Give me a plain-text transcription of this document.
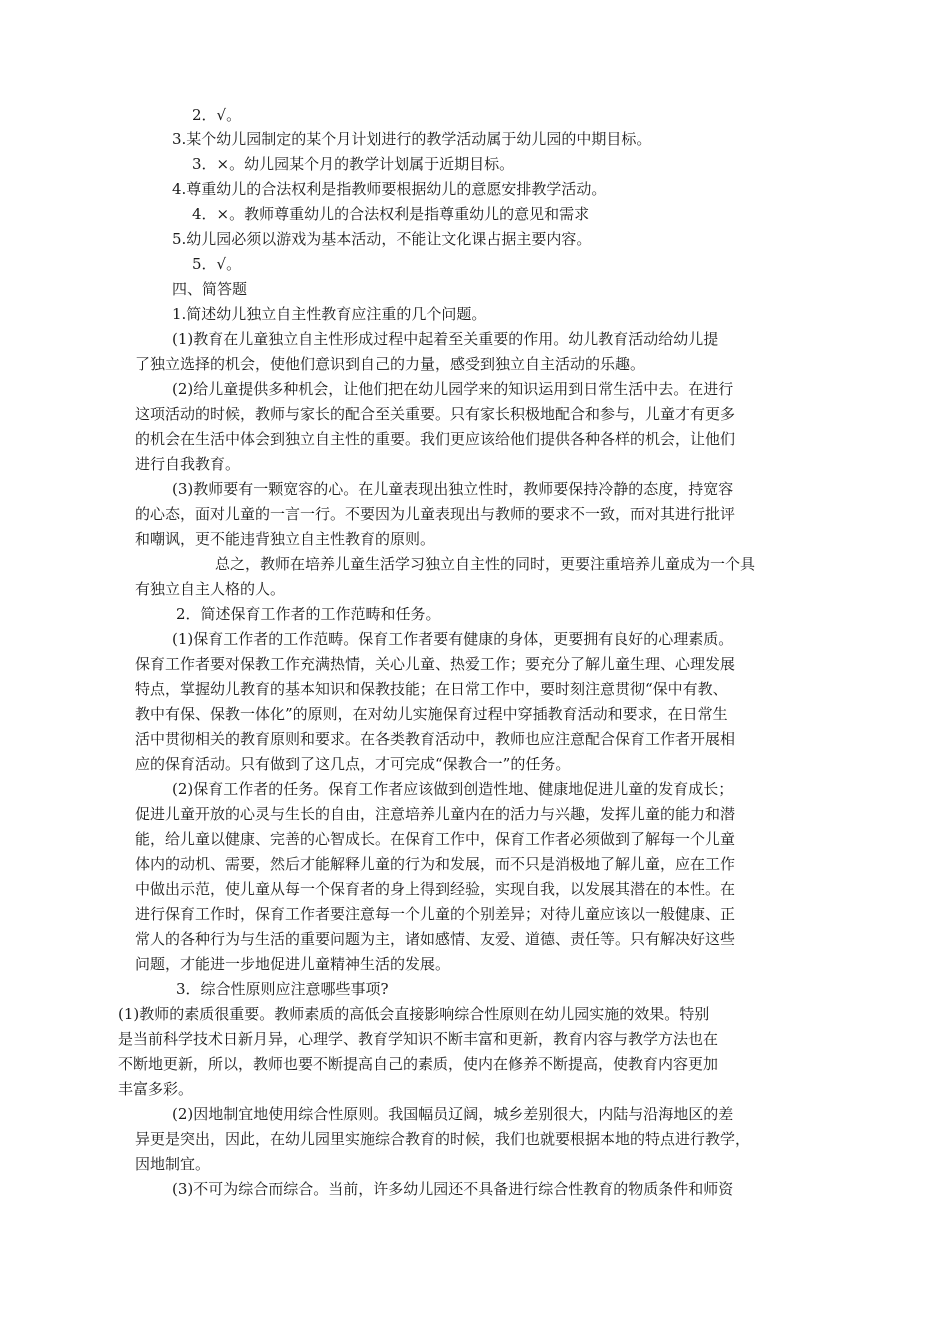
2．√。
3.某个幼儿园制定的某个月计划进行的教学活动属于幼儿园的中期目标。
3．×。幼儿园某个月的教学计划属于近期目标。
4.尊重幼儿的合法权利是指教师要根据幼儿的意愿安排教学活动。
4．×。教师尊重幼儿的合法权利是指尊重幼儿的意见和需求
5.幼儿园必须以游戏为基本活动，不能让文化课占据主要内容。
5．√。
四、简答题
1.简述幼儿独立自主性教育应注重的几个问题。
(1)教育在儿童独立自主性形成过程中起着至关重要的作用。幼儿教育活动给幼儿提
了独立选择的机会，使他们意识到自己的力量，感受到独立自主活动的乐趣。
(2)给儿童提供多种机会，让他们把在幼儿园学来的知识运用到日常生活中去。在进行
这项活动的时候，教师与家长的配合至关重要。只有家长积极地配合和参与，儿童才有更多
的机会在生活中体会到独立自主性的重要。我们更应该给他们提供各种各样的机会，让他们
进行自我教育。
(3)教师要有一颗宽容的心。在儿童表现出独立性时，教师要保持冷静的态度，持宽容
的心态，面对儿童的一言一行。不要因为儿童表现出与教师的要求不一致，而对其进行批评
和嘲讽，更不能违背独立自主性教育的原则。
总之，教师在培养儿童生活学习独立自主性的同时，更要注重培养儿童成为一个具
有独立自主人格的人。
2．简述保育工作者的工作范畴和任务。
(1)保育工作者的工作范畴。保育工作者要有健康的身体，更要拥有良好的心理素质。
保育工作者要对保教工作充满热情，关心儿童、热爱工作；要充分了解儿童生理、心理发展
特点，掌握幼儿教育的基本知识和保教技能；在日常工作中，要时刻注意贯彻“保中有教、
教中有保、保教一体化”的原则，在对幼儿实施保育过程中穿插教育活动和要求，在日常生
活中贯彻相关的教育原则和要求。在各类教育活动中，教师也应注意配合保育工作者开展相
应的保育活动。只有做到了这几点，才可完成“保教合一”的任务。
(2)保育工作者的任务。保育工作者应该做到创造性地、健康地促进儿童的发育成长；
促进儿童开放的心灵与生长的自由，注意培养儿童内在的活力与兴趣，发挥儿童的能力和潜
能，给儿童以健康、完善的心智成长。在保育工作中，保育工作者必须做到了解每一个儿童
体内的动机、需要，然后才能解释儿童的行为和发展，而不只是消极地了解儿童，应在工作
中做出示范，使儿童从每一个保育者的身上得到经验，实现自我，以发展其潜在的本性。在
进行保育工作时，保育工作者要注意每一个儿童的个别差异；对待儿童应该以一般健康、正
常人的各种行为与生活的重要问题为主，诸如感情、友爱、道德、责任等。只有解决好这些
问题，才能进一步地促进儿童精神生活的发展。
3．综合性原则应注意哪些事项?
(1)教师的素质很重要。教师素质的高低会直接影响综合性原则在幼儿园实施的效果。特别
是当前科学技术日新月异，心理学、教育学知识不断丰富和更新，教育内容与教学方法也在
不断地更新，所以，教师也要不断提高自己的素质，使内在修养不断提高，使教育内容更加
丰富多彩。
(2)因地制宜地使用综合性原则。我国幅员辽阔，城乡差别很大，内陆与沿海地区的差
异更是突出，因此，在幼儿园里实施综合教育的时候，我们也就要根据本地的特点进行教学，
因地制宜。
(3)不可为综合而综合。当前，许多幼儿园还不具备进行综合性教育的物质条件和师资
